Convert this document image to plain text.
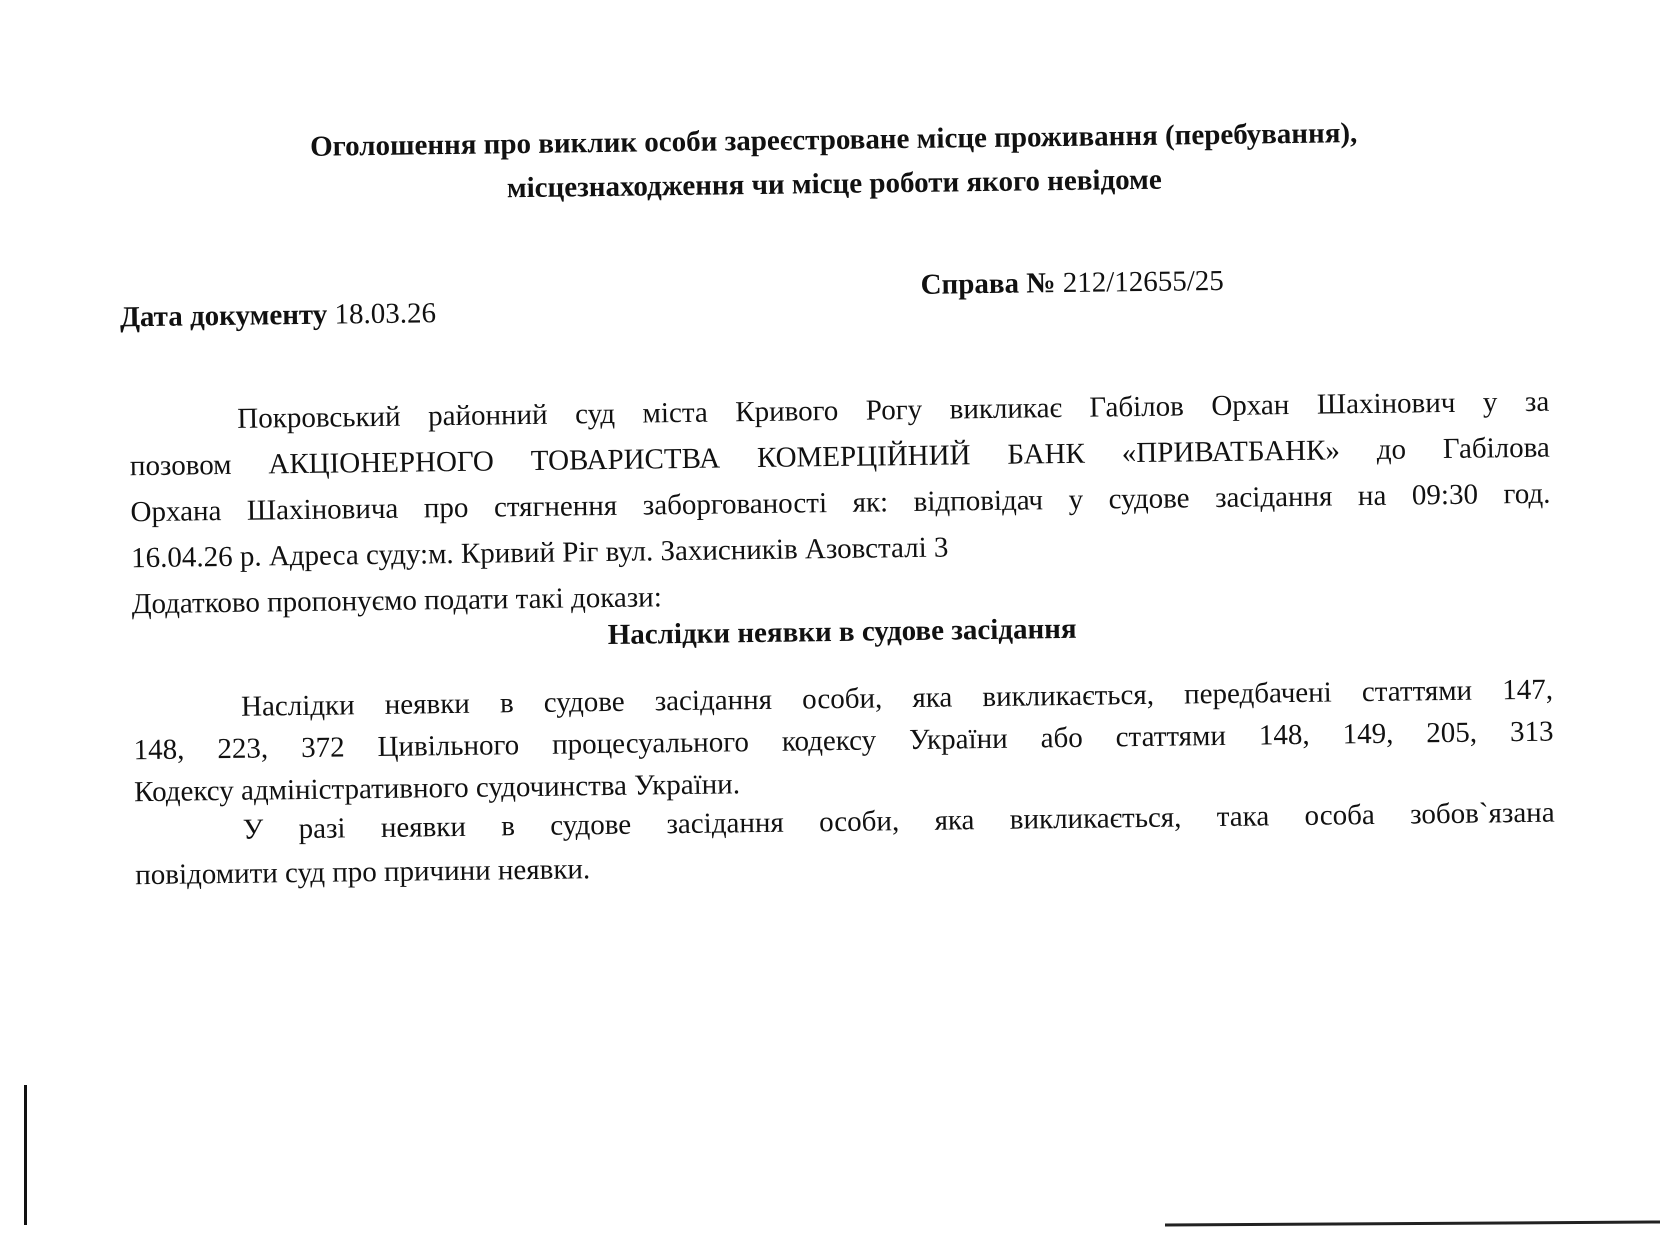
Оголошення про виклик особи зареєстроване місце проживання (перебування),
місцезнаходження чи місце роботи якого невідоме
Дата документу 18.03.26
Справа № 212/12655/25
Покровський районний суд міста Кривого Рогу викликає Габілов Орхан Шахінович у за
позовом АКЦІОНЕРНОГО ТОВАРИСТВА КОМЕРЦІЙНИЙ БАНК «ПРИВАТБАНК» до Габілова
Орхана Шахіновича про стягнення заборгованості як: відповідач у судове засідання на 09:30 год.
16.04.26 р. Адреса суду:м. Кривий Ріг вул. Захисників Азовсталі 3
Додатково пропонуємо подати такі докази:
Наслідки неявки в судове засідання
Наслідки неявки в судове засідання особи, яка викликається, передбачені статтями 147,
148, 223, 372 Цивільного процесуального кодексу України або статтями 148, 149, 205, 313
Кодексу адміністративного судочинства України.
У разі неявки в судове засідання особи, яка викликається, така особа зобов`язана
повідомити суд про причини неявки.
